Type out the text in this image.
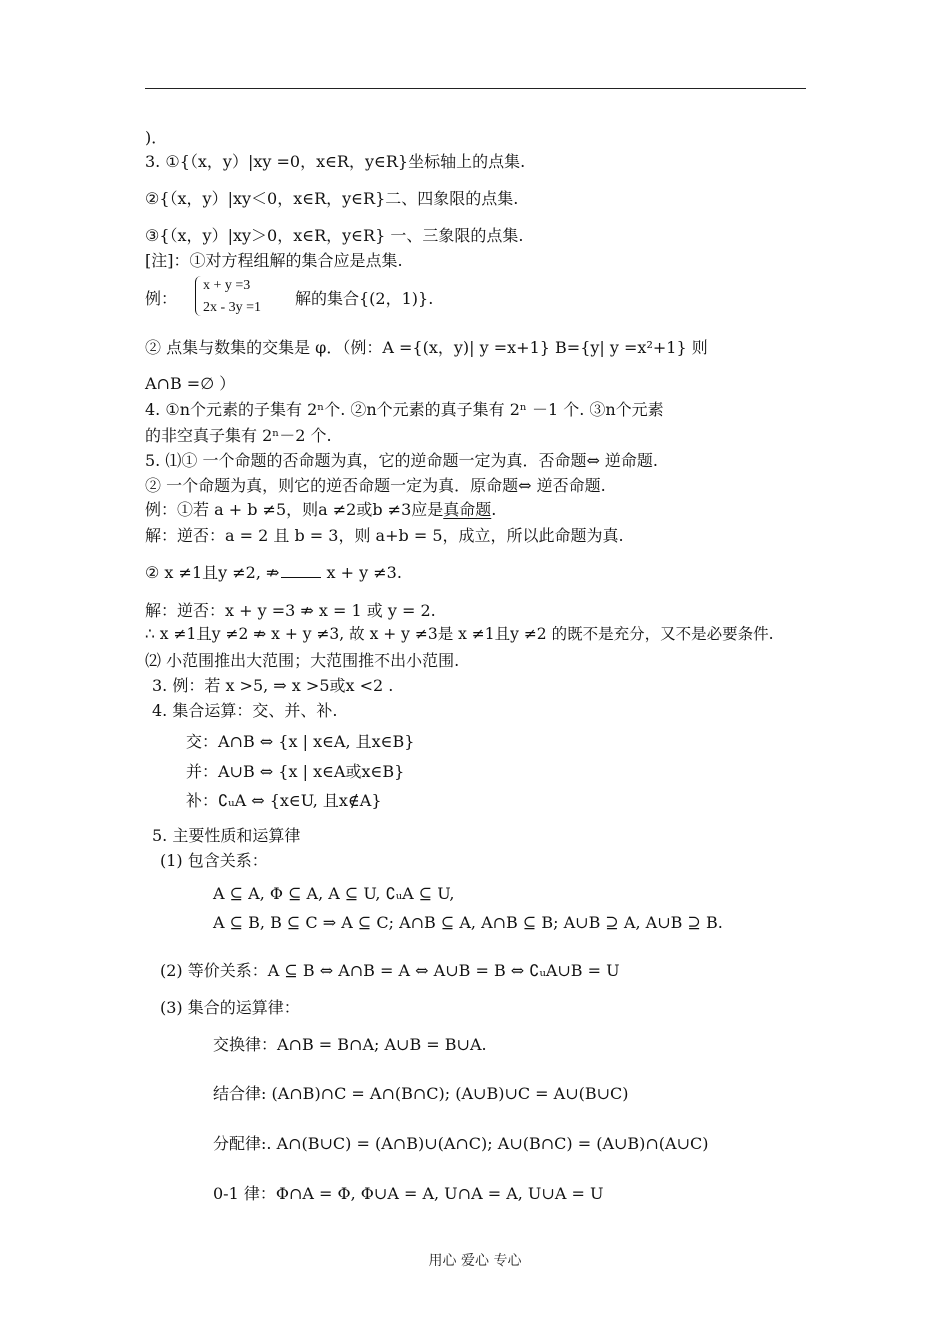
)．
3. ①{（x，y）|xy =0，x∈R，y∈R}坐标轴上的点集.
②{（x，y）|xy＜0，x∈R，y∈R}二、四象限的点集.
③{（x，y）|xy＞0，x∈R，y∈R} 一、三象限的点集.
[注]：①对方程组解的集合应是点集.
例：
x + y =3
2x - 3y =1 解的集合{(2，1)}.
② 点集与数集的交集是 φ．（例：A ={(x，y)| y =x+1} B={y| y =x²+1} 则
A∩B =∅ ）
4. ①n个元素的子集有 2ⁿ个. ②n个元素的真子集有 2ⁿ －1 个. ③n个元素
的非空真子集有 2ⁿ－2 个.
5. ⑴① 一个命题的否命题为真，它的逆命题一定为真．否命题⇔ 逆命题.
② 一个命题为真，则它的逆否命题一定为真．原命题⇔ 逆否命题.
例：①若 a + b ≠5，则a ≠2或b ≠3应是真命题.
解：逆否：a = 2 且 b = 3，则 a+b = 5，成立，所以此命题为真.
② x ≠1且y ≠2, ⇏	x + y ≠3.
解：逆否：x + y =3 ⇏ x = 1 或 y = 2.
∴ x ≠1且y ≠2 ⇏ x + y ≠3, 故 x + y ≠3是 x ≠1且y ≠2 的既不是充分，又不是必要条件.
⑵ 小范围推出大范围；大范围推不出小范围.
3. 例：若 x >5, ⇒ x >5或x <2 .
4. 集合运算：交、并、补.
交：A∩B ⇔ {x | x∈A, 且x∈B}
并：A∪B ⇔ {x | x∈A或x∈B}
补：∁ᵤA ⇔ {x∈U, 且x∉A}
5. 主要性质和运算律
(1) 包含关系：
A ⊆ A, Φ ⊆ A, A ⊆ U, ∁ᵤA ⊆ U,
A ⊆ B, B ⊆ C ⇒ A ⊆ C; A∩B ⊆ A, A∩B ⊆ B; A∪B ⊇ A, A∪B ⊇ B.
(2) 等价关系：A ⊆ B ⇔ A∩B = A ⇔ A∪B = B ⇔ ∁ᵤA∪B = U
(3) 集合的运算律：
交换律：A∩B = B∩A; A∪B = B∪A.
结合律: (A∩B)∩C = A∩(B∩C); (A∪B)∪C = A∪(B∪C)
分配律:. A∩(B∪C) = (A∩B)∪(A∩C); A∪(B∩C) = (A∪B)∩(A∪C)
0-1 律：Φ∩A = Φ, Φ∪A = A, U∩A = A, U∪A = U
用心 爱心 专心
